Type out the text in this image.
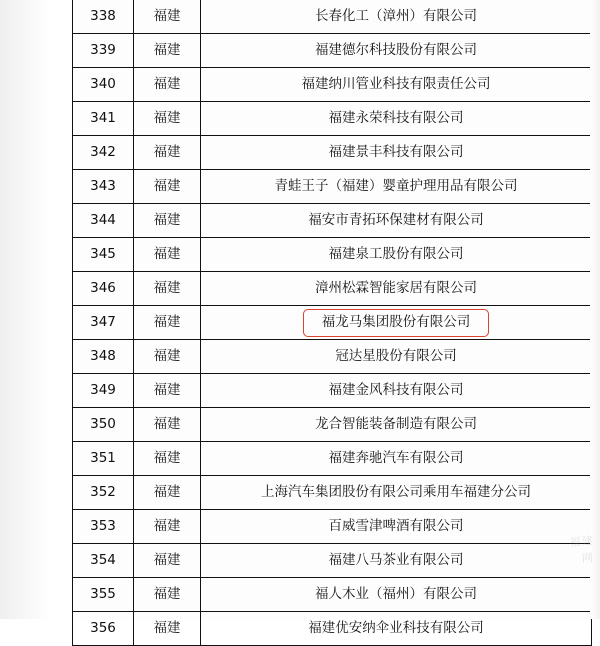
338	福建	长春化工（漳州）有限公司
339	福建	福建德尔科技股份有限公司
340	福建	福建纳川管业科技有限责任公司
341	福建	福建永荣科技有限公司
342	福建	福建景丰科技有限公司
343	福建	青蛙王子（福建）婴童护理用品有限公司
344	福建	福安市青拓环保建材有限公司
345	福建	福建泉工股份有限公司
346	福建	漳州松霖智能家居有限公司
347	福建	福龙马集团股份有限公司
348	福建	冠达星股份有限公司
349	福建	福建金风科技有限公司
350	福建	龙合智能装备制造有限公司
351	福建	福建奔驰汽车有限公司
352	福建	上海汽车集团股份有限公司乘用车福建分公司
353	福建	百威雪津啤酒有限公司
354	福建	福建八马茶业有限公司
355	福建	福人木业（福州）有限公司
356	福建	福建优安纳伞业科技有限公司
福建
网
